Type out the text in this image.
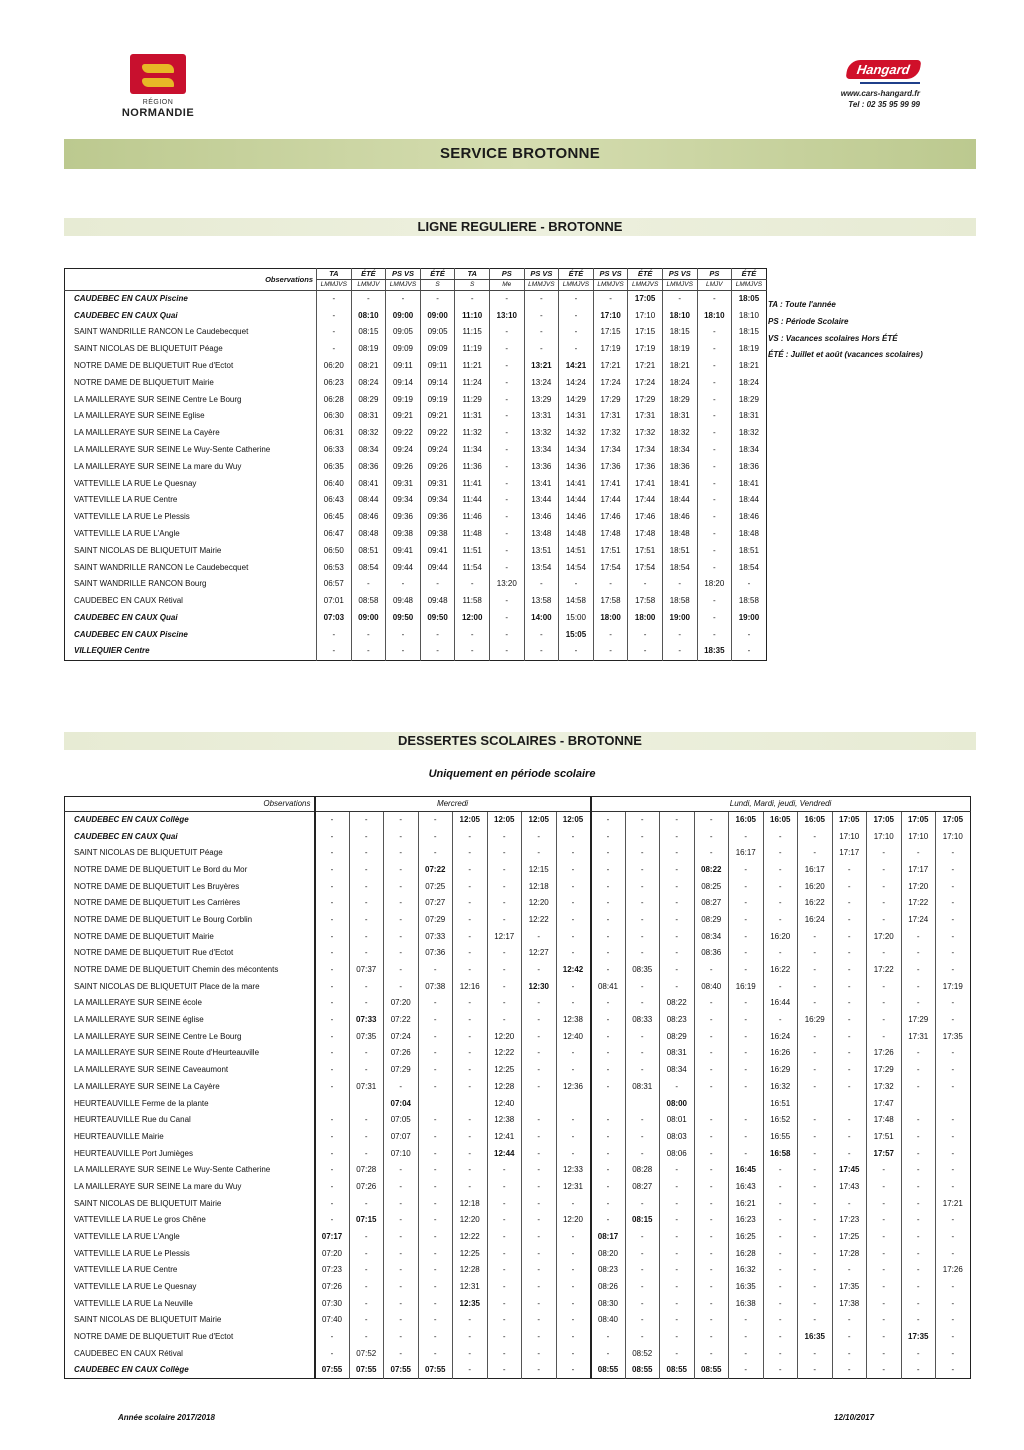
RÉGION
NORMANDIE
Hangard
www.cars-hangard.fr
Tel : 02 35 95 99 99
SERVICE BROTONNE
LIGNE REGULIERE - BROTONNE
Observations	TA	ÉTÉ	PS VS	ÉTÉ	TA	PS	PS VS	ÉTÉ	PS VS	ÉTÉ	PS VS	PS	ÉTÉ
	LMMJVS	LMMJV	LMMJVS	S	S	Me	LMMJVS	LMMJVS	LMMJVS	LMMJVS	LMMJVS	LMJV	LMMJVS
CAUDEBEC EN CAUX Piscine	-	-	-	-	-	-	-	-	-	17:05	-	-	18:05
CAUDEBEC EN CAUX Quai	-	08:10	09:00	09:00	11:10	13:10	-	-	17:10	17:10	18:10	18:10	18:10
SAINT WANDRILLE RANCON Le Caudebecquet	-	08:15	09:05	09:05	11:15	-	-	-	17:15	17:15	18:15	-	18:15
SAINT NICOLAS DE BLIQUETUIT Péage	-	08:19	09:09	09:09	11:19	-	-	-	17:19	17:19	18:19	-	18:19
NOTRE DAME DE BLIQUETUIT Rue d'Ectot	06:20	08:21	09:11	09:11	11:21	-	13:21	14:21	17:21	17:21	18:21	-	18:21
NOTRE DAME DE BLIQUETUIT Mairie	06:23	08:24	09:14	09:14	11:24	-	13:24	14:24	17:24	17:24	18:24	-	18:24
LA MAILLERAYE SUR SEINE Centre Le Bourg	06:28	08:29	09:19	09:19	11:29	-	13:29	14:29	17:29	17:29	18:29	-	18:29
LA MAILLERAYE SUR SEINE Eglise	06:30	08:31	09:21	09:21	11:31	-	13:31	14:31	17:31	17:31	18:31	-	18:31
LA MAILLERAYE SUR SEINE La Cayère	06:31	08:32	09:22	09:22	11:32	-	13:32	14:32	17:32	17:32	18:32	-	18:32
LA MAILLERAYE SUR SEINE Le Wuy-Sente Catherine	06:33	08:34	09:24	09:24	11:34	-	13:34	14:34	17:34	17:34	18:34	-	18:34
LA MAILLERAYE SUR SEINE La mare du Wuy	06:35	08:36	09:26	09:26	11:36	-	13:36	14:36	17:36	17:36	18:36	-	18:36
VATTEVILLE LA RUE Le Quesnay	06:40	08:41	09:31	09:31	11:41	-	13:41	14:41	17:41	17:41	18:41	-	18:41
VATTEVILLE LA RUE Centre	06:43	08:44	09:34	09:34	11:44	-	13:44	14:44	17:44	17:44	18:44	-	18:44
VATTEVILLE LA RUE Le Plessis	06:45	08:46	09:36	09:36	11:46	-	13:46	14:46	17:46	17:46	18:46	-	18:46
VATTEVILLE LA RUE L'Angle	06:47	08:48	09:38	09:38	11:48	-	13:48	14:48	17:48	17:48	18:48	-	18:48
SAINT NICOLAS DE BLIQUETUIT Mairie	06:50	08:51	09:41	09:41	11:51	-	13:51	14:51	17:51	17:51	18:51	-	18:51
SAINT WANDRILLE RANCON Le Caudebecquet	06:53	08:54	09:44	09:44	11:54	-	13:54	14:54	17:54	17:54	18:54	-	18:54
SAINT WANDRILLE RANCON Bourg	06:57	-	-	-	-	13:20	-	-	-	-	-	18:20	-
CAUDEBEC EN CAUX Rétival	07:01	08:58	09:48	09:48	11:58	-	13:58	14:58	17:58	17:58	18:58	-	18:58
CAUDEBEC EN CAUX Quai	07:03	09:00	09:50	09:50	12:00	-	14:00	15:00	18:00	18:00	19:00	-	19:00
CAUDEBEC EN CAUX Piscine	-	-	-	-	-	-	-	15:05	-	-	-	-	-
VILLEQUIER Centre	-	-	-	-	-	-	-	-	-	-	-	18:35	-
TA : Toute l'année
PS : Période Scolaire
VS : Vacances scolaires Hors ÉTÉ
ÉTÉ : Juillet et août (vacances scolaires)
DESSERTES SCOLAIRES - BROTONNE
Uniquement en période scolaire
Observations	Mercredi								Lundi, Mardi, jeudi, Vendredi										
CAUDEBEC EN CAUX Collège	-	-	-	-	12:05	12:05	12:05	12:05	-	-	-	-	16:05	16:05	16:05	17:05	17:05	17:05	17:05
CAUDEBEC EN CAUX Quai	-	-	-	-	-	-	-	-	-	-	-	-	-	-	-	17:10	17:10	17:10	17:10
SAINT NICOLAS DE BLIQUETUIT Péage	-	-	-	-	-	-	-	-	-	-	-	-	16:17	-	-	17:17	-	-	-
NOTRE DAME DE BLIQUETUIT Le Bord du Mor	-	-	-	07:22	-	-	12:15	-	-	-	-	08:22	-	-	16:17	-	-	17:17	-
NOTRE DAME DE BLIQUETUIT Les Bruyères	-	-	-	07:25	-	-	12:18	-	-	-	-	08:25	-	-	16:20	-	-	17:20	-
NOTRE DAME DE BLIQUETUIT Les Carrières	-	-	-	07:27	-	-	12:20	-	-	-	-	08:27	-	-	16:22	-	-	17:22	-
NOTRE DAME DE BLIQUETUIT Le Bourg Corblin	-	-	-	07:29	-	-	12:22	-	-	-	-	08:29	-	-	16:24	-	-	17:24	-
NOTRE DAME DE BLIQUETUIT Mairie	-	-	-	07:33	-	12:17	-	-	-	-	-	08:34	-	16:20	-	-	17:20	-	-
NOTRE DAME DE BLIQUETUIT Rue d'Ectot	-	-	-	07:36	-	-	12:27	-	-	-	-	08:36	-	-	-	-	-	-	-
NOTRE DAME DE BLIQUETUIT Chemin des mécontents	-	07:37	-	-	-	-	-	12:42	-	08:35	-	-	-	16:22	-	-	17:22	-	-
SAINT NICOLAS DE BLIQUETUIT Place de la mare	-	-	-	07:38	12:16	-	12:30	-	08:41	-	-	08:40	16:19	-	-	-	-	-	17:19
LA MAILLERAYE SUR SEINE école	-	-	07:20	-	-	-	-	-	-	-	08:22	-	-	16:44	-	-	-	-	-
LA MAILLERAYE SUR SEINE église	-	07:33	07:22	-	-	-	-	12:38	-	08:33	08:23	-	-	-	16:29	-	-	17:29	-
LA MAILLERAYE SUR SEINE Centre Le Bourg	-	07:35	07:24	-	-	12:20	-	12:40	-	-	08:29	-	-	16:24	-	-	-	17:31	17:35
LA MAILLERAYE SUR SEINE Route d'Heurteauville	-	-	07:26	-	-	12:22	-	-	-	-	08:31	-	-	16:26	-	-	17:26	-	-
LA MAILLERAYE SUR SEINE Caveaumont	-	-	07:29	-	-	12:25	-	-	-	-	08:34	-	-	16:29	-	-	17:29	-	-
LA MAILLERAYE SUR SEINE La Cayère	-	07:31	-	-	-	12:28	-	12:36	-	08:31	-	-	-	16:32	-	-	17:32	-	-
HEURTEAUVILLE Ferme de la plante			07:04			12:40					08:00			16:51			17:47		
HEURTEAUVILLE Rue du Canal	-	-	07:05	-	-	12:38	-	-	-	-	08:01	-	-	16:52	-	-	17:48	-	-
HEURTEAUVILLE Mairie	-	-	07:07	-	-	12:41	-	-	-	-	08:03	-	-	16:55	-	-	17:51	-	-
HEURTEAUVILLE Port Jumièges	-	-	07:10	-	-	12:44	-	-	-	-	08:06	-	-	16:58	-	-	17:57	-	-
LA MAILLERAYE SUR SEINE Le Wuy-Sente Catherine	-	07:28	-	-	-	-	-	12:33	-	08:28	-	-	16:45	-	-	17:45	-	-	-
LA MAILLERAYE SUR SEINE La mare du Wuy	-	07:26	-	-	-	-	-	12:31	-	08:27	-	-	16:43	-	-	17:43	-	-	-
SAINT NICOLAS DE BLIQUETUIT Mairie	-	-	-	-	12:18	-	-	-	-	-	-	-	16:21	-	-	-	-	-	17:21
VATTEVILLE LA RUE Le gros Chêne	-	07:15	-	-	12:20	-	-	12:20	-	08:15	-	-	16:23	-	-	17:23	-	-	-
VATTEVILLE LA RUE L'Angle	07:17	-	-	-	12:22	-	-	-	08:17	-	-	-	16:25	-	-	17:25	-	-	-
VATTEVILLE LA RUE Le Plessis	07:20	-	-	-	12:25	-	-	-	08:20	-	-	-	16:28	-	-	17:28	-	-	-
VATTEVILLE LA RUE Centre	07:23	-	-	-	12:28	-	-	-	08:23	-	-	-	16:32	-	-	-	-	-	17:26
VATTEVILLE LA RUE Le Quesnay	07:26	-	-	-	12:31	-	-	-	08:26	-	-	-	16:35	-	-	17:35	-	-	-
VATTEVILLE LA RUE La Neuville	07:30	-	-	-	12:35	-	-	-	08:30	-	-	-	16:38	-	-	17:38	-	-	-
SAINT NICOLAS DE BLIQUETUIT Mairie	07:40	-	-	-	-	-	-	-	08:40	-	-	-	-	-	-	-	-	-	-
NOTRE DAME DE BLIQUETUIT Rue d'Ectot	-	-	-	-	-	-	-	-	-	-	-	-	-	-	16:35	-	-	17:35	-
CAUDEBEC EN CAUX Rétival	-	07:52	-	-	-	-	-	-	-	08:52	-	-	-	-	-	-	-	-	-
CAUDEBEC EN CAUX Collège	07:55	07:55	07:55	07:55	-	-	-	-	08:55	08:55	08:55	08:55	-	-	-	-	-	-	-
Année scolaire 2017/2018	12/10/2017
